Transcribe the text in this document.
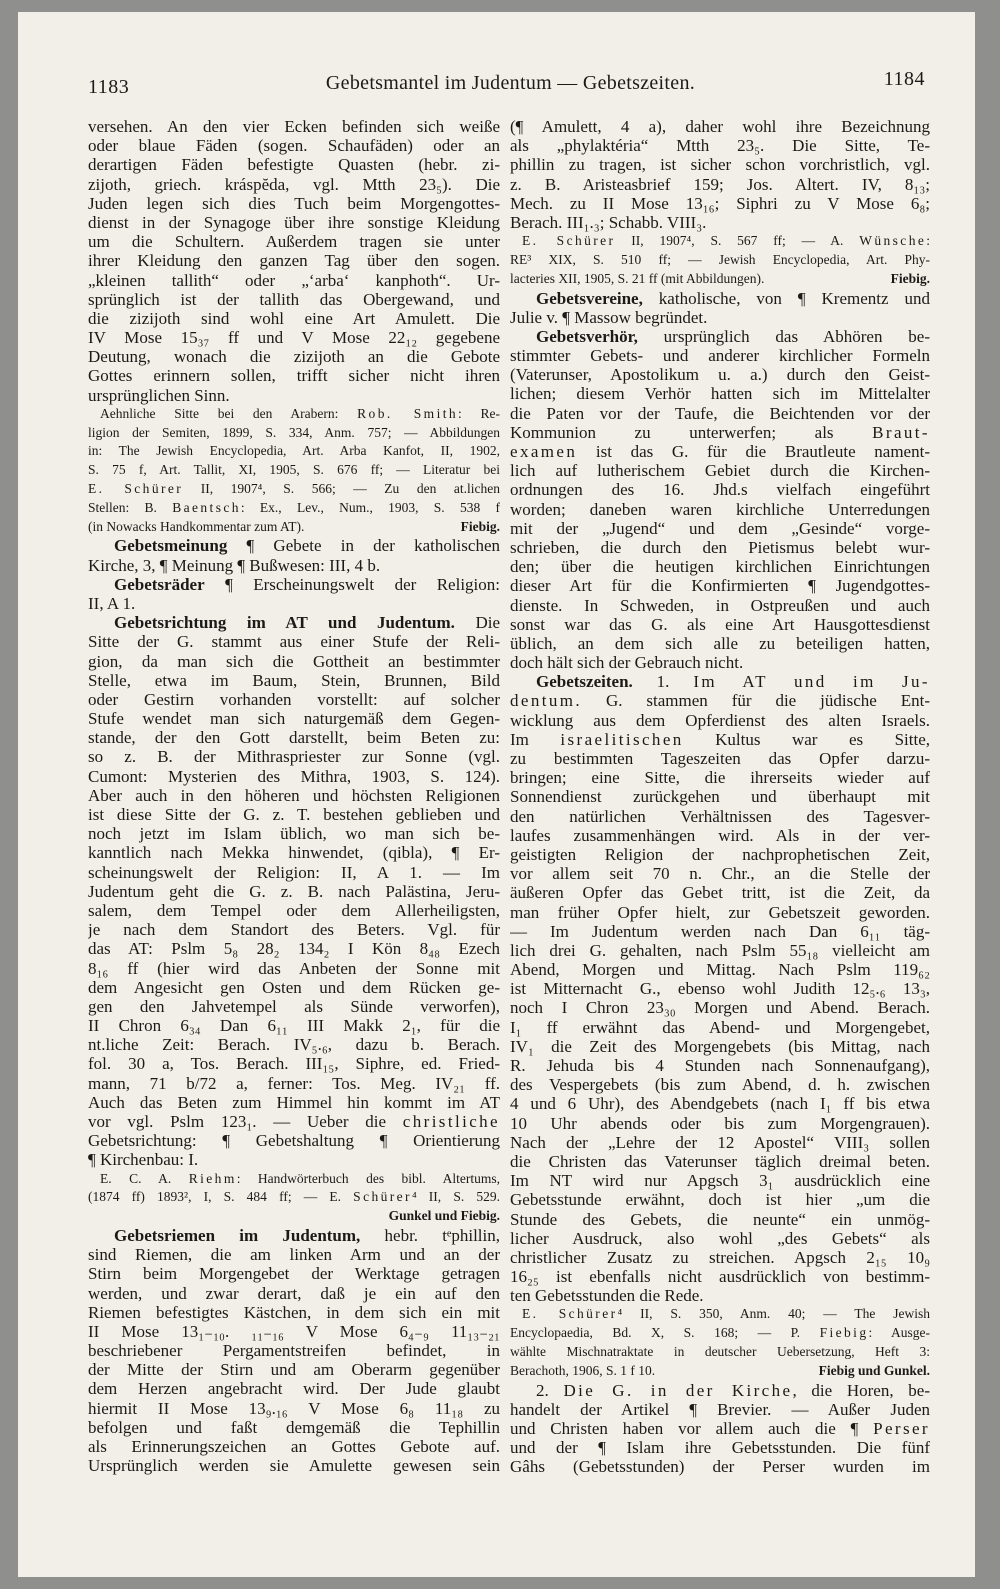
1183	Gebetsmantel im Judentum — Gebetszeiten.	1184
versehen. An den vier Ecken befinden sich weiße
oder blaue Fäden (sogen. Schaufäden) oder an
derartigen Fäden befestigte Quasten (hebr. zi-
zijoth, griech. kráspĕda, vgl. Mtth 23₅). Die
Juden legen sich dies Tuch beim Morgengottes-
dienst in der Synagoge über ihre sonstige Kleidung
um die Schultern. Außerdem tragen sie unter
ihrer Kleidung den ganzen Tag über den sogen.
„kleinen tallith“ oder „‘arba‘ kanphoth“. Ur-
sprünglich ist der tallith das Obergewand, und
die zizijoth sind wohl eine Art Amulett. Die
IV Mose 15₃₇ ff und V Mose 22₁₂ gegebene
Deutung, wonach die zizijoth an die Gebote
Gottes erinnern sollen, trifft sicher nicht ihren
ursprünglichen Sinn.
Aehnliche Sitte bei den Arabern: Rob. Smith: Re-
ligion der Semiten, 1899, S. 334, Anm. 757; — Abbildungen
in: The Jewish Encyclopedia, Art. Arba Kanfot, II, 1902,
S. 75 f, Art. Tallit, XI, 1905, S. 676 ff; — Literatur bei
E. Schürer II, 1907⁴, S. 566; — Zu den at.lichen
Stellen: B. Baentsch: Ex., Lev., Num., 1903, S. 538 f
Fiebig.
(in Nowacks Handkommentar zum AT).
Gebetsmeinung ¶ Gebete in der katholischen
Kirche, 3, ¶ Meinung ¶ Bußwesen: III, 4 b.
Gebetsräder ¶ Erscheinungswelt der Religion:
II, A 1.
Gebetsrichtung im AT und Judentum. Die
Sitte der G. stammt aus einer Stufe der Reli-
gion, da man sich die Gottheit an bestimmter
Stelle, etwa im Baum, Stein, Brunnen, Bild
oder Gestirn vorhanden vorstellt: auf solcher
Stufe wendet man sich naturgemäß dem Gegen-
stande, der den Gott darstellt, beim Beten zu:
so z. B. der Mithraspriester zur Sonne (vgl.
Cumont: Mysterien des Mithra, 1903, S. 124).
Aber auch in den höheren und höchsten Religionen
ist diese Sitte der G. z. T. bestehen geblieben und
noch jetzt im Islam üblich, wo man sich be-
kanntlich nach Mekka hinwendet, (qibla), ¶ Er-
scheinungswelt der Religion: II, A 1. — Im
Judentum geht die G. z. B. nach Palästina, Jeru-
salem, dem Tempel oder dem Allerheiligsten,
je nach dem Standort des Beters. Vgl. für
das AT: Pslm 5₈ 28₂ 134₂ I Kön 8₄₈ Ezech
8₁₆ ff (hier wird das Anbeten der Sonne mit
dem Angesicht gen Osten und dem Rücken ge-
gen den Jahvetempel als Sünde verworfen),
II Chron 6₃₄ Dan 6₁₁ III Makk 2₁, für die
nt.liche Zeit: Berach. IV₅.₆, dazu b. Berach.
fol. 30 a, Tos. Berach. III₁₅, Siphre, ed. Fried-
mann, 71 b/72 a, ferner: Tos. Meg. IV₂₁ ff.
Auch das Beten zum Himmel hin kommt im AT
vor vgl. Pslm 123₁. — Ueber die christliche
Gebetsrichtung: ¶ Gebetshaltung ¶ Orientierung
¶ Kirchenbau: I.
E. C. A. Riehm: Handwörterbuch des bibl. Altertums,
(1874 ff) 1893², I, S. 484 ff; — E. Schürer⁴ II, S. 529.
Gunkel und Fiebig.
Gebetsriemen im Judentum, hebr. tᵉphillin,
sind Riemen, die am linken Arm und an der
Stirn beim Morgengebet der Werktage getragen
werden, und zwar derart, daß je ein auf den
Riemen befestigtes Kästchen, in dem sich ein mit
II Mose 13₁₋₁₀. ₁₁₋₁₆ V Mose 6₄₋₉ 11₁₃₋₂₁
beschriebener Pergamentstreifen befindet, in
der Mitte der Stirn und am Oberarm gegenüber
dem Herzen angebracht wird. Der Jude glaubt
hiermit II Mose 13₉.₁₆ V Mose 6₈ 11₁₈ zu
befolgen und faßt demgemäß die Tephillin
als Erinnerungszeichen an Gottes Gebote auf.
Ursprünglich werden sie Amulette gewesen sein
(¶ Amulett, 4 a), daher wohl ihre Bezeichnung
als „phylaktéria“ Mtth 23₅. Die Sitte, Te-
phillin zu tragen, ist sicher schon vorchristlich, vgl.
z. B. Aristeasbrief 159; Jos. Altert. IV, 8₁₃;
Mech. zu II Mose 13₁₆; Siphri zu V Mose 6₈;
Berach. III₁.₃; Schabb. VIII₃.
E. Schürer II, 1907⁴, S. 567 ff; — A. Wünsche:
RE³ XIX, S. 510 ff; — Jewish Encyclopedia, Art. Phy-
Fiebig.
lacteries XII, 1905, S. 21 ff (mit Abbildungen).
Gebetsvereine, katholische, von ¶ Krementz und
Julie v. ¶ Massow begründet.
Gebetsverhör, ursprünglich das Abhören be-
stimmter Gebets- und anderer kirchlicher Formeln
(Vaterunser, Apostolikum u. a.) durch den Geist-
lichen; diesem Verhör hatten sich im Mittelalter
die Paten vor der Taufe, die Beichtenden vor der
Kommunion zu unterwerfen; als Braut-
examen ist das G. für die Brautleute nament-
lich auf lutherischem Gebiet durch die Kirchen-
ordnungen des 16. Jhd.s vielfach eingeführt
worden; daneben waren kirchliche Unterredungen
mit der „Jugend“ und dem „Gesinde“ vorge-
schrieben, die durch den Pietismus belebt wur-
den; über die heutigen kirchlichen Einrichtungen
dieser Art für die Konfirmierten ¶ Jugendgottes-
dienste. In Schweden, in Ostpreußen und auch
sonst war das G. als eine Art Hausgottesdienst
üblich, an dem sich alle zu beteiligen hatten,
doch hält sich der Gebrauch nicht.
Gebetszeiten. 1. Im AT und im Ju-
dentum. G. stammen für die jüdische Ent-
wicklung aus dem Opferdienst des alten Israels.
Im israelitischen Kultus war es Sitte,
zu bestimmten Tageszeiten das Opfer darzu-
bringen; eine Sitte, die ihrerseits wieder auf
Sonnendienst zurückgehen und überhaupt mit
den natürlichen Verhältnissen des Tagesver-
laufes zusammenhängen wird. Als in der ver-
geistigten Religion der nachprophetischen Zeit,
vor allem seit 70 n. Chr., an die Stelle der
äußeren Opfer das Gebet tritt, ist die Zeit, da
man früher Opfer hielt, zur Gebetszeit geworden.
— Im Judentum werden nach Dan 6₁₁ täg-
lich drei G. gehalten, nach Pslm 55₁₈ vielleicht am
Abend, Morgen und Mittag. Nach Pslm 119₆₂
ist Mitternacht G., ebenso wohl Judith 12₅.₆ 13₃,
noch I Chron 23₃₀ Morgen und Abend. Berach.
I₁ ff erwähnt das Abend- und Morgengebet,
IV₁ die Zeit des Morgengebets (bis Mittag, nach
R. Jehuda bis 4 Stunden nach Sonnenaufgang),
des Vespergebets (bis zum Abend, d. h. zwischen
4 und 6 Uhr), des Abendgebets (nach I₁ ff bis etwa
10 Uhr abends oder bis zum Morgengrauen).
Nach der „Lehre der 12 Apostel“ VIII₃ sollen
die Christen das Vaterunser täglich dreimal beten.
Im NT wird nur Apgsch 3₁ ausdrücklich eine
Gebetsstunde erwähnt, doch ist hier „um die
Stunde des Gebets, die neunte“ ein unmög-
licher Ausdruck, also wohl „des Gebets“ als
christlicher Zusatz zu streichen. Apgsch 2₁₅ 10₉
16₂₅ ist ebenfalls nicht ausdrücklich von bestimm-
ten Gebetsstunden die Rede.
E. Schürer⁴ II, S. 350, Anm. 40; — The Jewish
Encyclopaedia, Bd. X, S. 168; — P. Fiebig: Ausge-
wählte Mischnatraktate in deutscher Uebersetzung, Heft 3:
Fiebig und Gunkel.
Berachoth, 1906, S. 1 f 10.
2. Die G. in der Kirche, die Horen, be-
handelt der Artikel ¶ Brevier. — Außer Juden
und Christen haben vor allem auch die ¶ Perser
und der ¶ Islam ihre Gebetsstunden. Die fünf
Gâhs (Gebetsstunden) der Perser wurden im
